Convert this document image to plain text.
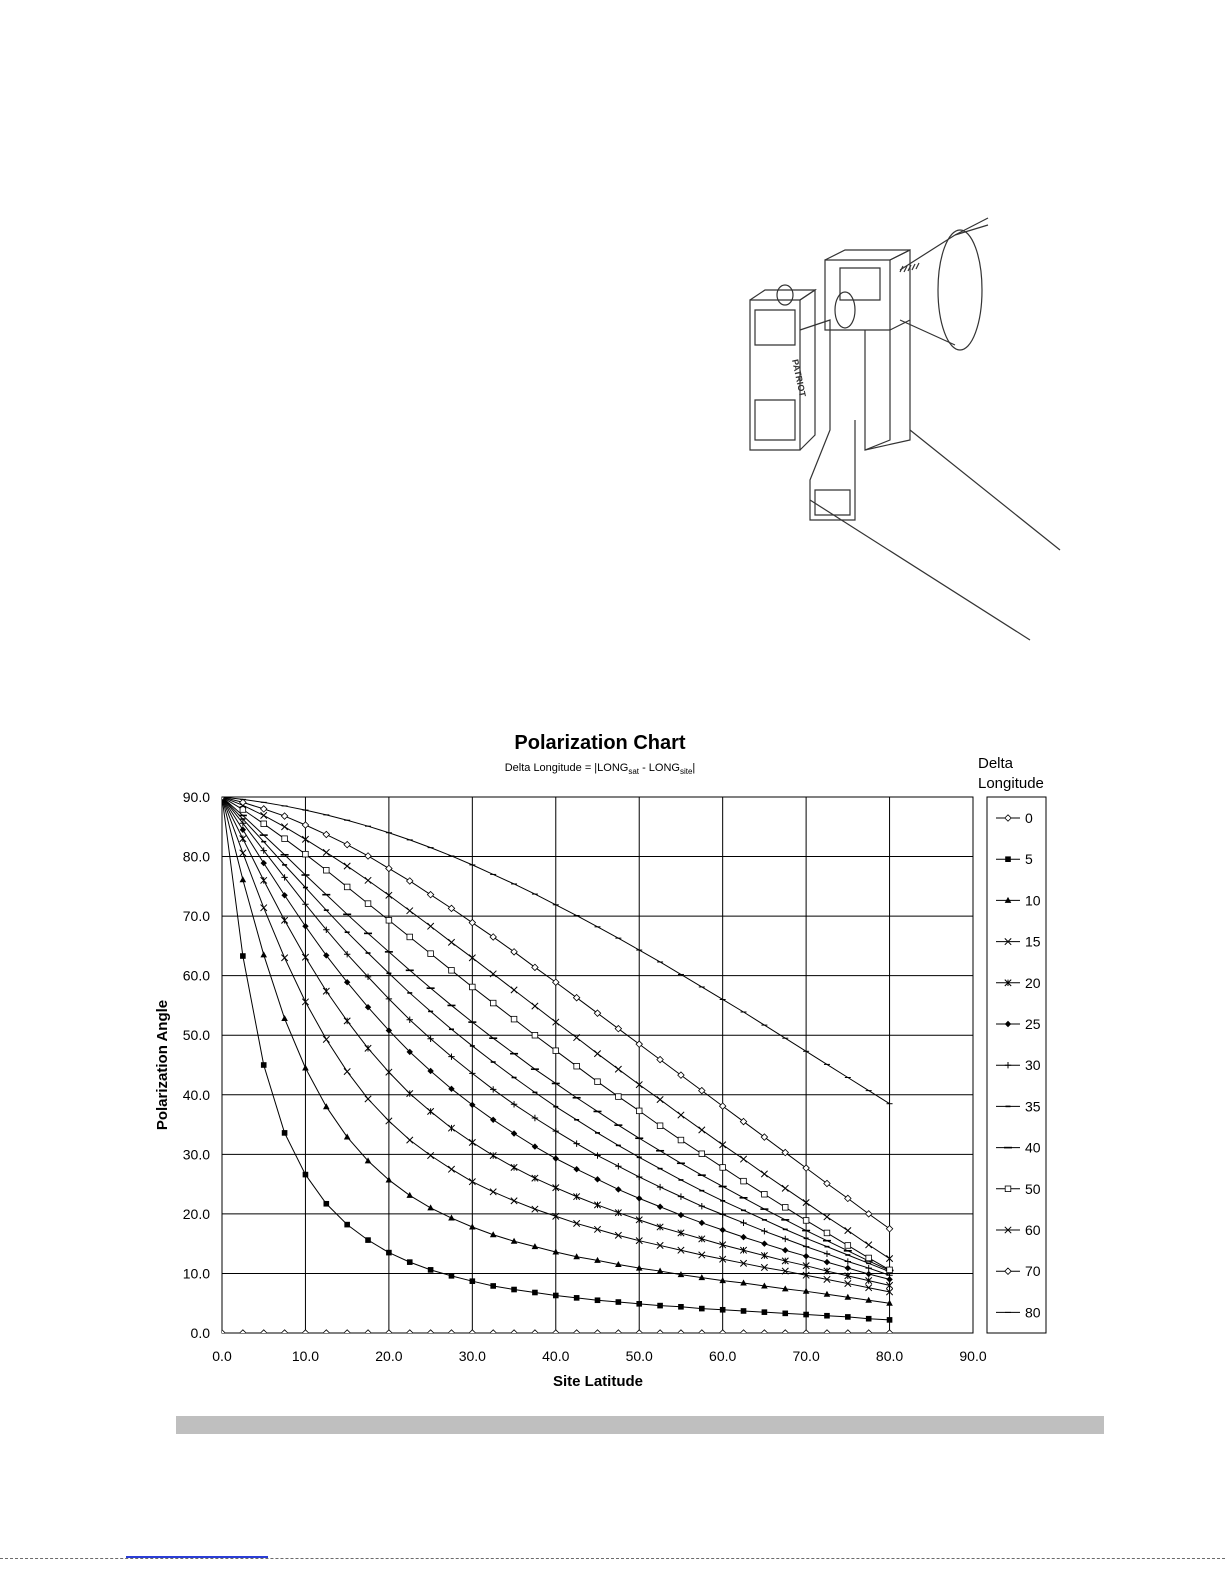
PATRIOT
Polarization Chart
Delta Longitude = $|LONG_{sat}$ - $LONG_{site}|$
0.0	10.0	20.0	30.0	40.0	50.0	60.0	70.0	80.0	90.0
0.0
10.0
20.0
30.0
40.0
50.0
60.0
70.0
80.0
90.0
Site Latitude
Polarization Angle
Delta
Longitude
0
5
10
15
20
25
30
35
40
50
60
70
80
